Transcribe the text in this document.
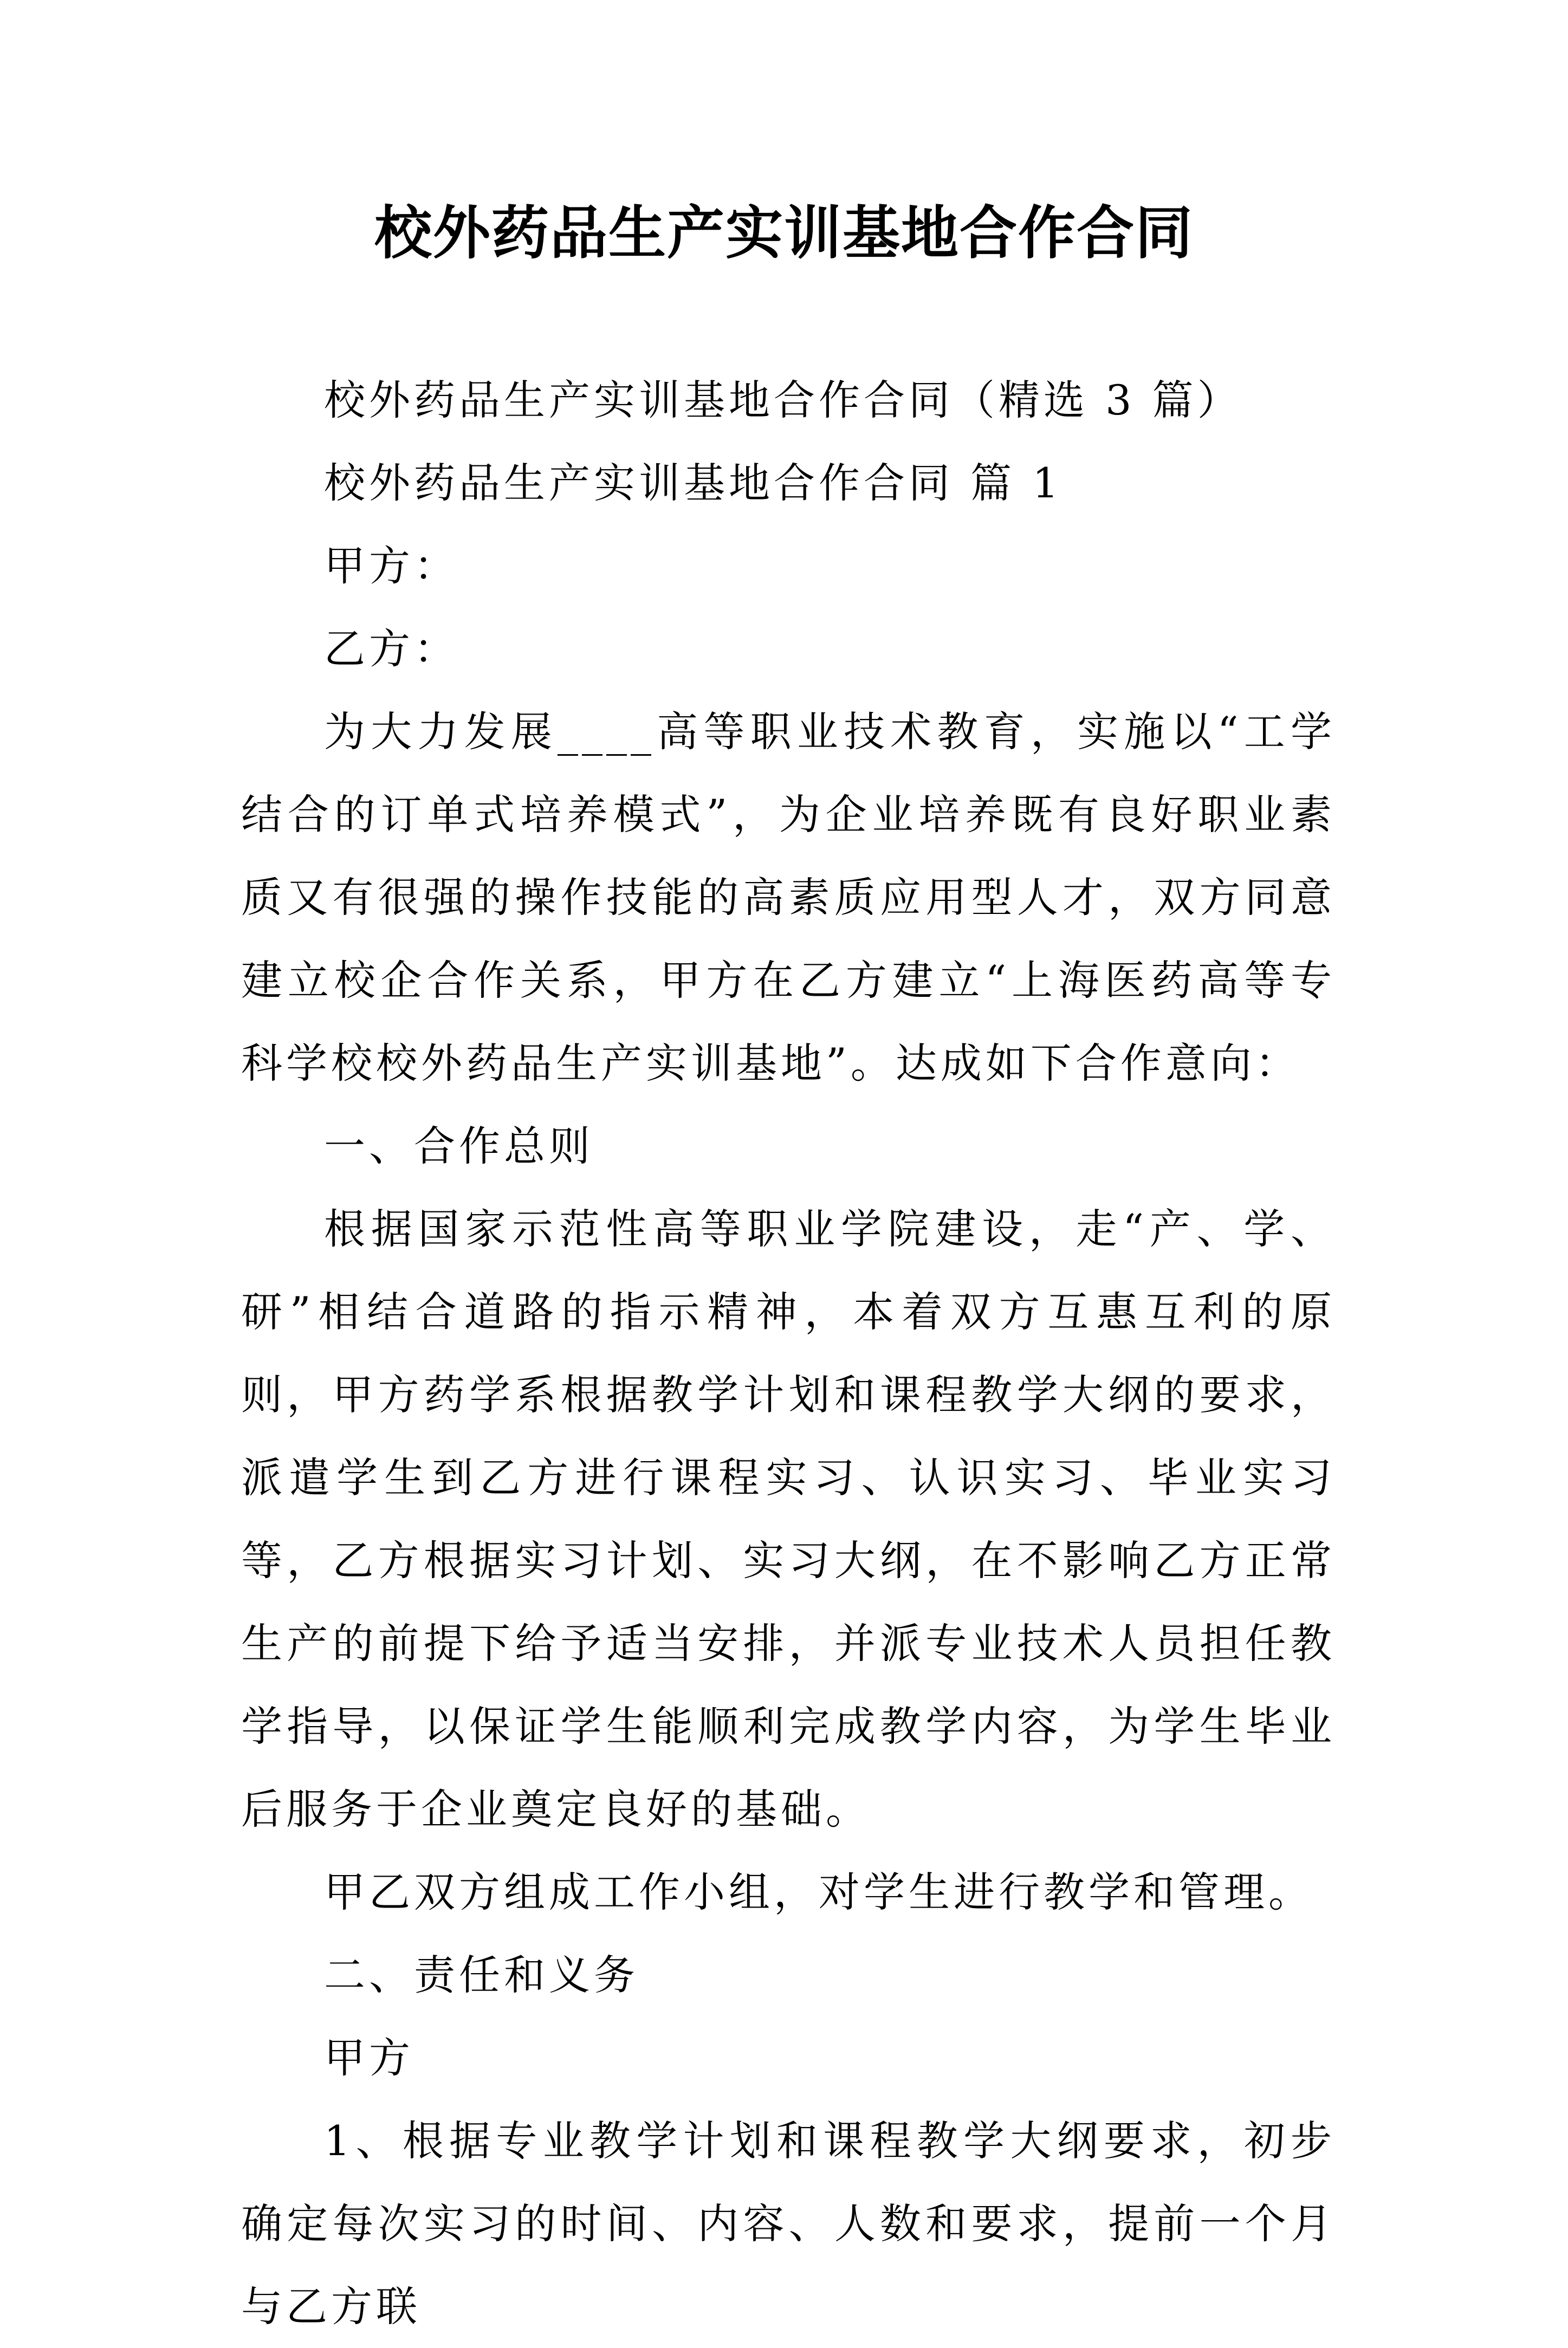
校外药品生产实训基地合作合同

校外药品生产实训基地合作合同（精选 3 篇）

校外药品生产实训基地合作合同 篇 1

甲方：

乙方：

为大力发展____高等职业技术教育，实施以“工学结合的订单式培养模式”，为企业培养既有良好职业素质又有很强的操作技能的高素质应用型人才，双方同意建立校企合作关系，甲方在乙方建立“上海医药高等专科学校校外药品生产实训基地”。达成如下合作意向：

一、合作总则

根据国家示范性高等职业学院建设，走“产、学、研”相结合道路的指示精神，本着双方互惠互利的原则，甲方药学系根据教学计划和课程教学大纲的要求，派遣学生到乙方进行课程实习、认识实习、毕业实习等，乙方根据实习计划、实习大纲，在不影响乙方正常生产的前提下给予适当安排，并派专业技术人员担任教学指导，以保证学生能顺利完成教学内容，为学生毕业后服务于企业奠定良好的基础。

甲乙双方组成工作小组，对学生进行教学和管理。

二、责任和义务

甲方

1、根据专业教学计划和课程教学大纲要求，初步确定每次实习的时间、内容、人数和要求，提前一个月与乙方联
